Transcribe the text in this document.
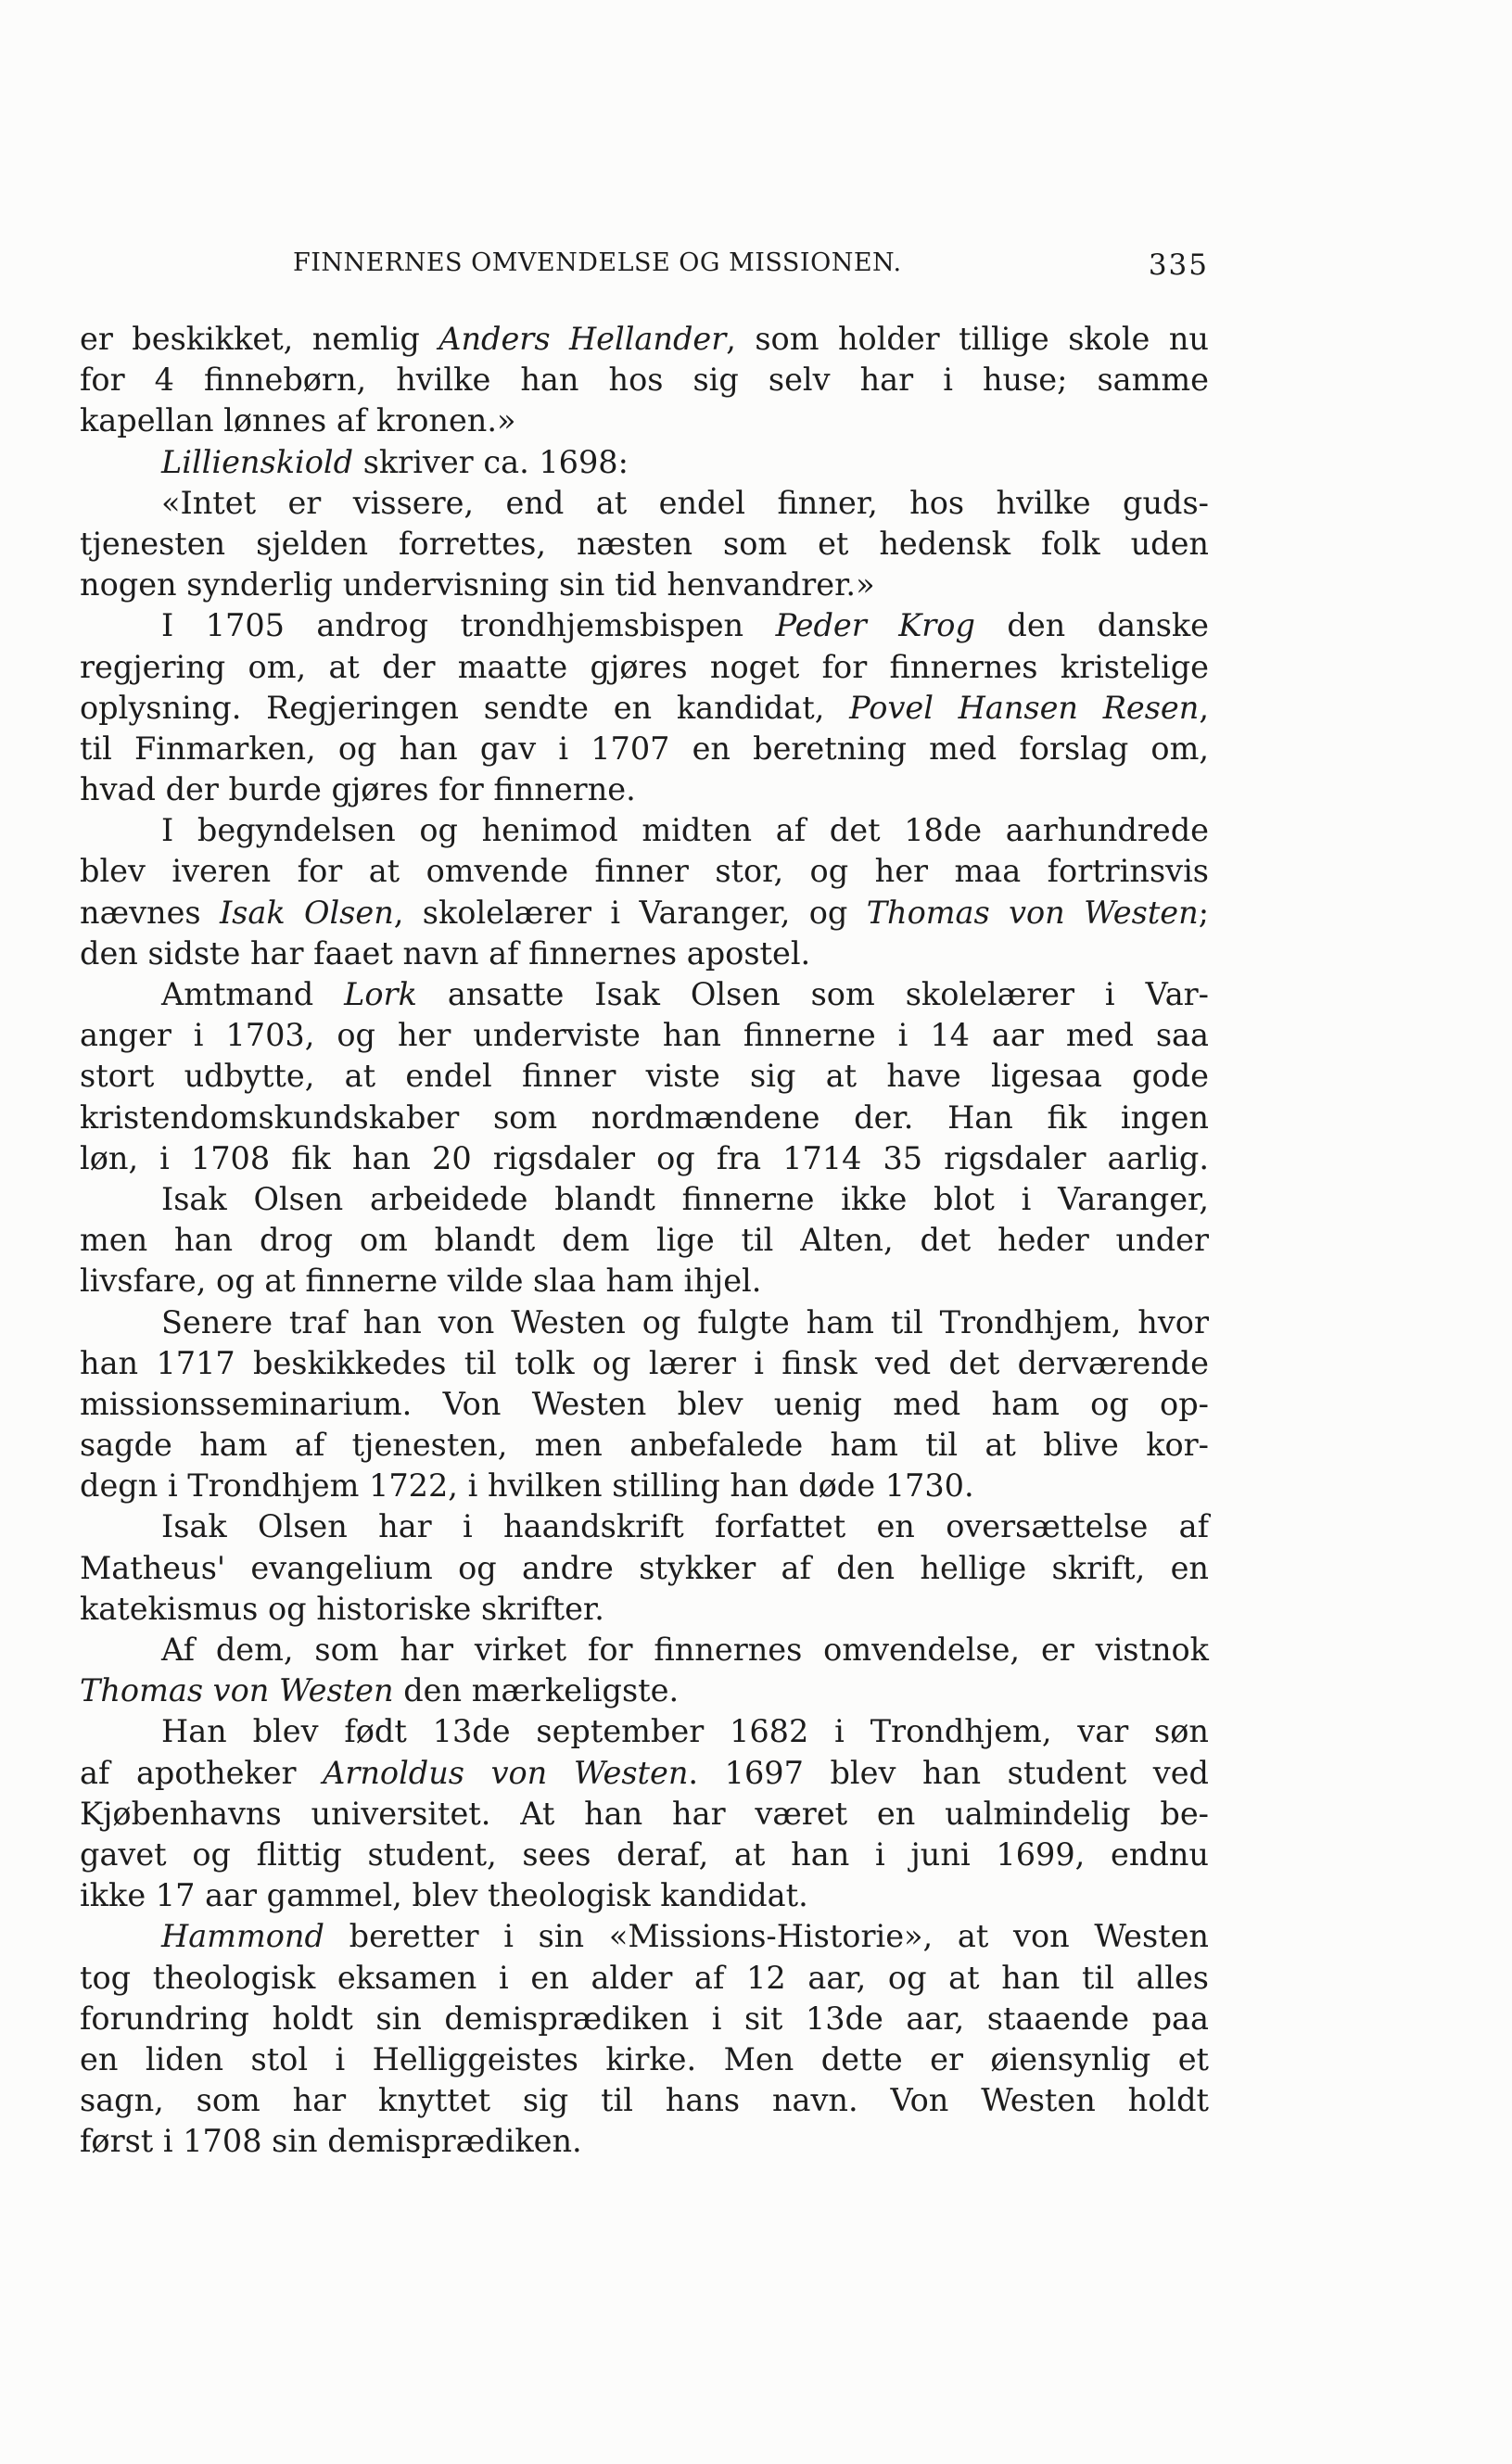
FINNERNES OMVENDELSE OG MISSIONEN.	335
er beskikket, nemlig Anders Hellander, som holder tillige skole nu
for 4 finnebørn, hvilke han hos sig selv har i huse; samme
kapellan lønnes af kronen.»
Lillienskiold skriver ca. 1698:
«Intet er vissere, end at endel finner, hos hvilke guds-
tjenesten sjelden forrettes, næsten som et hedensk folk uden
nogen synderlig undervisning sin tid henvandrer.»
I 1705 androg trondhjemsbispen Peder Krog den danske
regjering om, at der maatte gjøres noget for finnernes kristelige
oplysning. Regjeringen sendte en kandidat, Povel Hansen Resen,
til Finmarken, og han gav i 1707 en beretning med forslag om,
hvad der burde gjøres for finnerne.
I begyndelsen og henimod midten af det 18de aarhundrede
blev iveren for at omvende finner stor, og her maa fortrinsvis
nævnes Isak Olsen, skolelærer i Varanger, og Thomas von Westen;
den sidste har faaet navn af finnernes apostel.
Amtmand Lork ansatte Isak Olsen som skolelærer i Var-
anger i 1703, og her underviste han finnerne i 14 aar med saa
stort udbytte, at endel finner viste sig at have ligesaa gode
kristendomskundskaber som nordmændene der. Han fik ingen
løn, i 1708 fik han 20 rigsdaler og fra 1714 35 rigsdaler aarlig.
Isak Olsen arbeidede blandt finnerne ikke blot i Varanger,
men han drog om blandt dem lige til Alten, det heder under
livsfare, og at finnerne vilde slaa ham ihjel.
Senere traf han von Westen og fulgte ham til Trondhjem, hvor
han 1717 beskikkedes til tolk og lærer i finsk ved det derværende
missionsseminarium. Von Westen blev uenig med ham og op-
sagde ham af tjenesten, men anbefalede ham til at blive kor-
degn i Trondhjem 1722, i hvilken stilling han døde 1730.
Isak Olsen har i haandskrift forfattet en oversættelse af
Matheus' evangelium og andre stykker af den hellige skrift, en
katekismus og historiske skrifter.
Af dem, som har virket for finnernes omvendelse, er vistnok
Thomas von Westen den mærkeligste.
Han blev født 13de september 1682 i Trondhjem, var søn
af apotheker Arnoldus von Westen. 1697 blev han student ved
Kjøbenhavns universitet. At han har været en ualmindelig be-
gavet og flittig student, sees deraf, at han i juni 1699, endnu
ikke 17 aar gammel, blev theologisk kandidat.
Hammond beretter i sin «Missions-Historie», at von Westen
tog theologisk eksamen i en alder af 12 aar, og at han til alles
forundring holdt sin demisprædiken i sit 13de aar, staaende paa
en liden stol i Helliggeistes kirke. Men dette er øiensynlig et
sagn, som har knyttet sig til hans navn. Von Westen holdt
først i 1708 sin demisprædiken.
